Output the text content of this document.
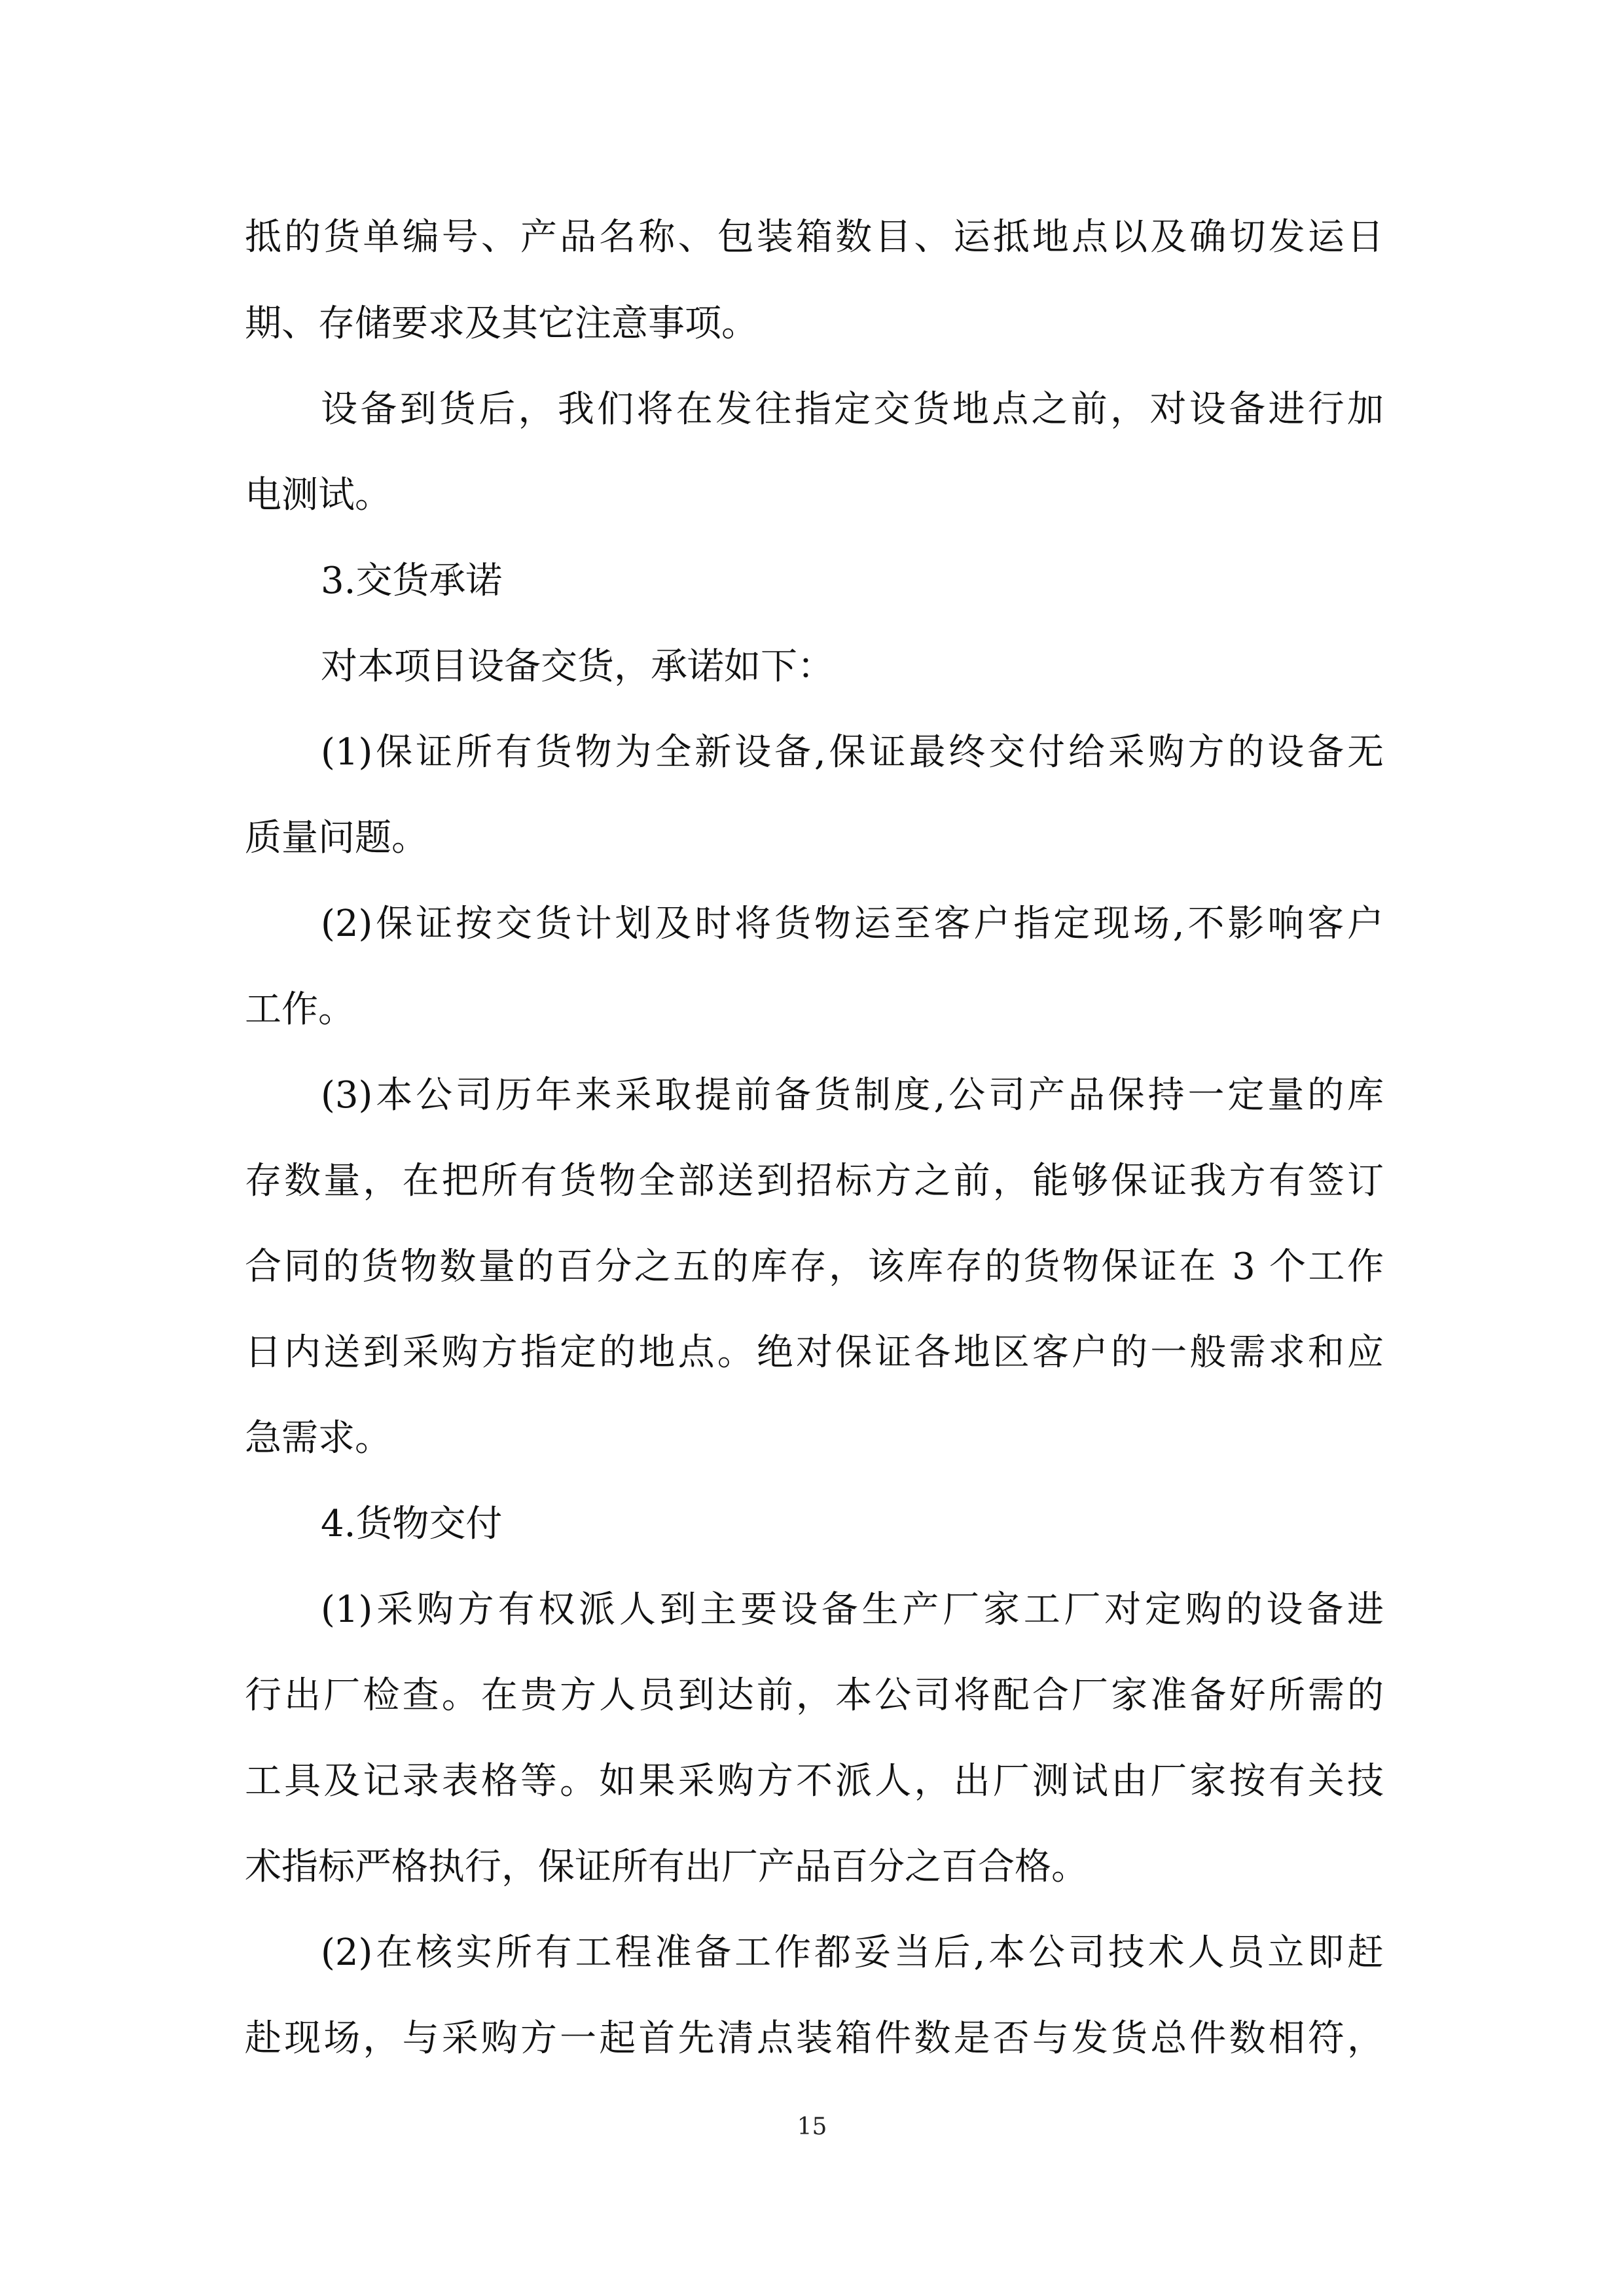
抵的货单编号、产品名称、包装箱数目、运抵地点以及确切发运日
期、存储要求及其它注意事项。
设备到货后，我们将在发往指定交货地点之前，对设备进行加
电测试。
3.交货承诺
对本项目设备交货，承诺如下：
(1)保证所有货物为全新设备,保证最终交付给采购方的设备无
质量问题。
(2)保证按交货计划及时将货物运至客户指定现场,不影响客户
工作。
(3)本公司历年来采取提前备货制度,公司产品保持一定量的库
存数量，在把所有货物全部送到招标方之前，能够保证我方有签订
合同的货物数量的百分之五的库存，该库存的货物保证在 3 个工作
日内送到采购方指定的地点。绝对保证各地区客户的一般需求和应
急需求。
4.货物交付
(1)采购方有权派人到主要设备生产厂家工厂对定购的设备进
行出厂检查。在贵方人员到达前，本公司将配合厂家准备好所需的
工具及记录表格等。如果采购方不派人，出厂测试由厂家按有关技
术指标严格执行，保证所有出厂产品百分之百合格。
(2)在核实所有工程准备工作都妥当后,本公司技术人员立即赶
赴现场，与采购方一起首先清点装箱件数是否与发货总件数相符，
15
